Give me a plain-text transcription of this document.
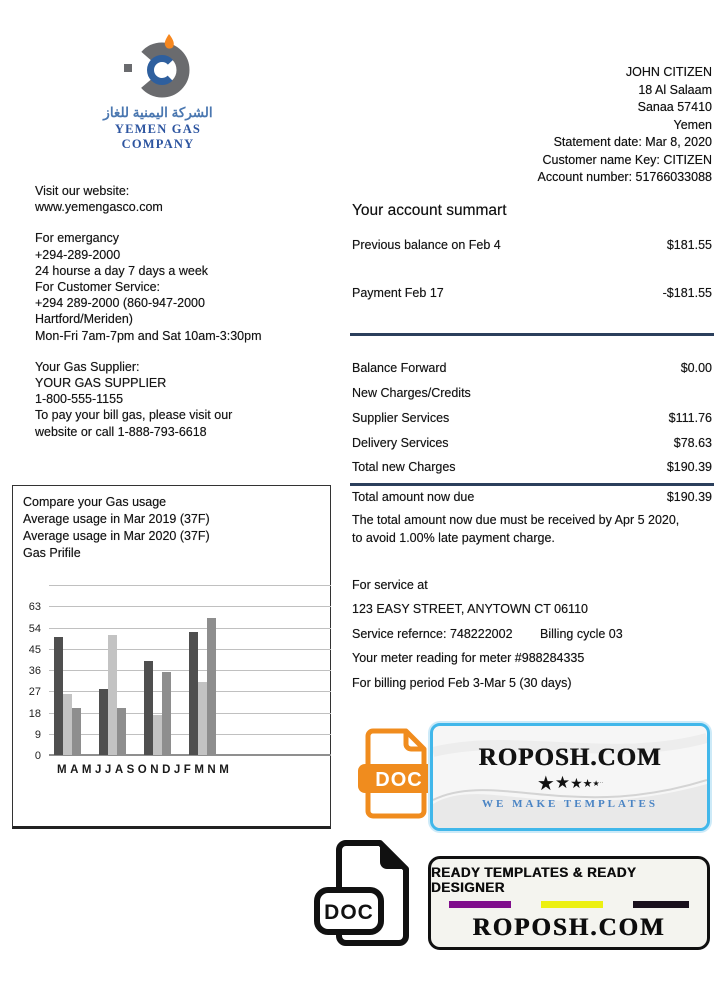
الشركة اليمنية للغاز
YEMEN GAS COMPANY
JOHN CITIZEN
18 Al Salaam
Sanaa 57410
Yemen
Statement date: Mar 8, 2020
Customer name Key: CITIZEN
Account number: 51766033088
Visit our website:
www.yemengasco.com
For emergancy
+294-289-2000
24 hourse a day 7 days a week
For Customer Service:
+294 289-2000 (860-947-2000
Hartford/Meriden)
Mon-Fri 7am-7pm and Sat 10am-3:30pm
Your Gas Supplier:
YOUR GAS SUPPLIER
1-800-555-1155
To pay your bill gas, please visit our
website or call 1-888-793-6618
Your account summart
Previous balance on Feb 4	$181.55
Payment Feb 17	-$181.55
Balance Forward	$0.00
New Charges/Credits
Supplier Services	$111.76
Delivery Services	$78.63
Total new Charges	$190.39
Total amount now due	$190.39
The total amount now due must be received by Apr 5 2020, to avoid 1.00% late payment charge.
For service at
123 EASY STREET, ANYTOWN CT 06110
Service refernce: 748222002 Billing cycle 03
Your meter reading for meter #988284335
For billing period Feb 3-Mar 5 (30 days)
Compare your Gas usage
Average usage in Mar 2019 (37F)
Average usage in Mar 2020 (37F)
Gas Prifile
63
54
45
36
27
18
9
0
M A M J J A S O N D J F M N M	DOC
ROPOSH.COM
★ ★ ★ ★ ★ · ·
WE MAKE TEMPLATES
DOC
READY TEMPLATES & READY DESIGNER
ROPOSH.COM
